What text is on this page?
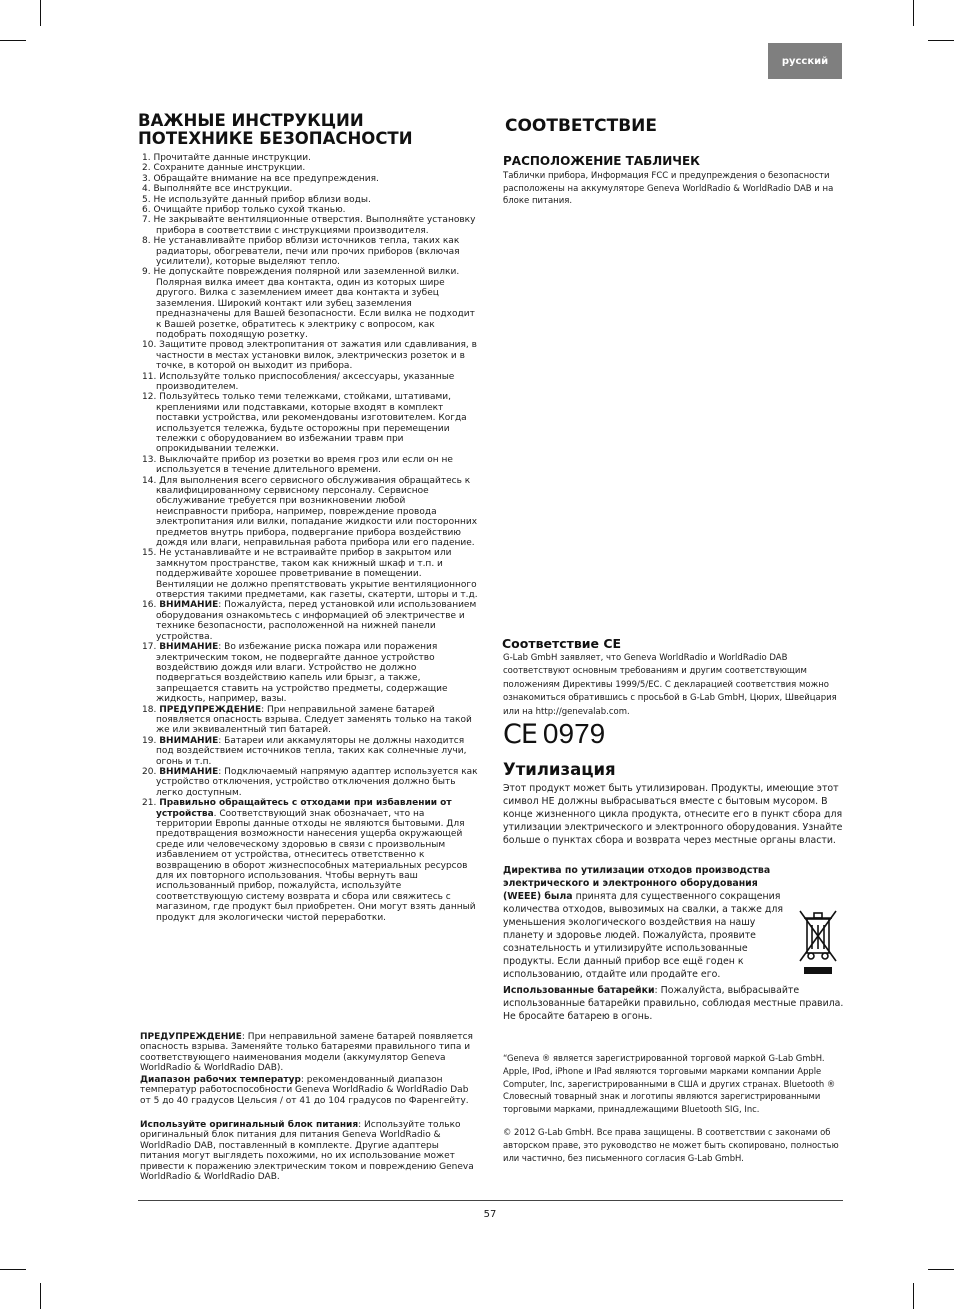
русский
ВАЖНЫЕ ИНСТРУКЦИИ
ПОТЕХНИКЕ БЕЗОПАСНОСТИ
1. Прочитайте данные инструкции.
2. Сохраните данные инструкции.
3. Обращайте внимание на все предупреждения.
4. Выполняйте все инструкции.
5. Не используйте данный прибор вблизи воды.
6. Очищайте прибор только сухой тканью.
7. Не закрывайте вентиляционные отверстия. Выполняйте установку прибора в соответствии с инструкциями производителя.
8. Не устанавливайте прибор вблизи источников тепла, таких как радиаторы, обогреватели, печи или прочих приборов (включая усилители), которые выделяют тепло.
9. Не допускайте повреждения полярной или заземленной вилки. Полярная вилка имеет два контакта, один из которых шире другого. Вилка с заземлением имеет два контакта и зубец заземления. Широкий контакт или зубец заземления предназначены для Вашей безопасности. Если вилка не подходит к Вашей розетке, обратитесь к электрику с вопросом, как подобрать походящую розетку.
10. Защитите провод электропитания от зажатия или сдавливания, в частности в местах установки вилок, электрическиз розеток и в точке, в которой он выходит из прибора.
11. Используйте только приспособления/ аксессуары, указанные производителем.
12. Пользуйтесь только теми тележками, стойками, штативами, креплениями или подставками, которые входят в комплект поставки устройства, или рекомендованы изготовителем. Когда используется тележка, будьте осторожны при перемещении тележки с оборудованием во избежании травм при опрокидывании тележки.
13. Выключайте прибор из розетки во время гроз или если он не используется в течение длительного времени.
14. Для выполнения всего сервисного обслуживания обращайтесь к квалифицированному сервисному персоналу. Сервисное обслуживание требуется при возникновении любой неисправности прибора, например, повреждение провода электропитания или вилки, попадание жидкости или посторонних предметов внутрь прибора, подвергание прибора воздействию дождя или влаги, неправильная работа прибора или его падение.
15. Не устанавливайте и не встраивайте прибор в закрытом или замкнутом пространстве, таком как книжный шкаф и т.п. и поддерживайте хорошее проветривание в помещении. Вентиляции не должно препятствовать укрытие вентиляционного отверстия такими предметами, как газеты, скатерти, шторы и т.д.
16. ВНИМАНИЕ: Пожалуйста, перед установкой или использованием оборудования ознакомьтесь с информацией об электричестве и технике безопасности, расположенной на нижней панели устройства.
17. ВНИМАНИЕ: Во избежание риска пожара или поражения электрическим током, не подвергайте данное устройство воздействию дождя или влаги. Устройство не должно подвергаться воздействию капель или брызг, а также, запрещается ставить на устройство предметы, содержащие жидкость, например, вазы.
18. ПРЕДУПРЕЖДЕНИЕ: При неправильной замене батарей появляется опасность взрыва. Следует заменять только на такой же или эквивалентный тип батарей.
19. ВНИМАНИЕ: Батареи или аккамуляторы не должны находится под воздействием источников тепла, таких как солнечные лучи, огонь и т.п.
20. ВНИМАНИЕ: Подключаемый напрямую адаптер используется как устройство отключения, устройство отключения должно быть легко доступным.
21. Правильно обращайтесь с отходами при избавлении от устройства. Соответствующий знак обозначает, что на территории Европы данные отходы не являются бытовыми. Для предотвращения возможности нанесения ущерба окружающей среде или человеческому здоровью в связи с произвольным избавлением от устройства, отнеситесь ответственно к возвращению в оборот жизнеспособных материальных ресурсов для их повторного использования. Чтобы вернуть ваш использованный прибор, пожалуйста, используйте соответствующую систему возврата и сбора или свяжитесь с магазином, где продукт был приобретен. Они могут взять данный продукт для экологически чистой переработки.
ПРЕДУПРЕЖДЕНИЕ: При неправильной замене батарей появляется опасность взрыва. Заменяйте только батареями правильного типа и соответствующего наименования модели (аккумулятор Geneva WorldRadio & WorldRadio DAB).
Диапазон рабочих температур: рекомендованный диапазон температур работоспособности Geneva WorldRadio & WorldRadio Dab от 5 до 40 градусов Цельсия / от 41 до 104 градусов по Фаренгейту.
Используйте оригинальный блок питания: Используйте только оригинальный блок питания для питания Geneva WorldRadio & WorldRadio DAB, поставленный в комплекте. Другие адаптеры питания могут выглядеть похожими, но их использование может привести к поражению электрическим током и повреждению Geneva WorldRadio & WorldRadio DAB.
СООТВЕТСТВИЕ
РАСПОЛОЖЕНИЕ ТАБЛИЧЕК
Таблички прибора, Информация FCC и предупреждения о безопасности расположены на аккумуляторе Geneva WorldRadio & WorldRadio DAB и на блоке питания.
Соответствие CE
G-Lab GmbH заявляет, что Geneva WorldRadio и WorldRadio DAB соответствуют основным требованиям и другим соответствующим положениям Директивы 1999/5/EC. С декларацией соответствия можно ознакомиться обратившись с просьбой в G-Lab GmbH, Цюрих, Швейцария или на http://genevalab.com.
CE 0979
Утилизация
Этот продукт может быть утилизирован. Продукты, имеющие этот символ НЕ должны выбрасываться вместе с бытовым мусором. В конце жизненного цикла продукта, отнесите его в пункт сбора для утилизации электрического и электронного оборудования. Узнайте больше о пунктах сбора и возврата через местные органы власти.
Директива по утилизации отходов производства электрического и электронного оборудования (WEEE) была принята для существенного сокращения количества отходов, вывозимых на свалки, а также для уменьшения экологического воздействия на нашу планету и здоровье людей. Пожалуйста, проявите сознательность и утилизируйте использованные продукты. Если данный прибор все ещё годен к использованию, отдайте или продайте его.
Использованные батарейки: Пожалуйста, выбрасывайте использованные батарейки правильно, соблюдая местные правила. Не бросайте батарею в огонь.
“Geneva ® является зарегистрированной торговой маркой G-Lab GmbH. Apple, IPod, iPhone и IPad являются торговыми марками компании Apple Computer, Inc, зарегистрированными в США и других странах. Bluetooth ® Словесный товарный знак и логотипы являются зарегистрированными торговыми марками, принадлежащими Bluetooth SIG, Inc.
© 2012 G-Lab GmbH. Все права защищены. В соответствии с законами об авторском праве, это руководство не может быть скопировано, полностью или частично, без письменного согласия G-Lab GmbH.
57
